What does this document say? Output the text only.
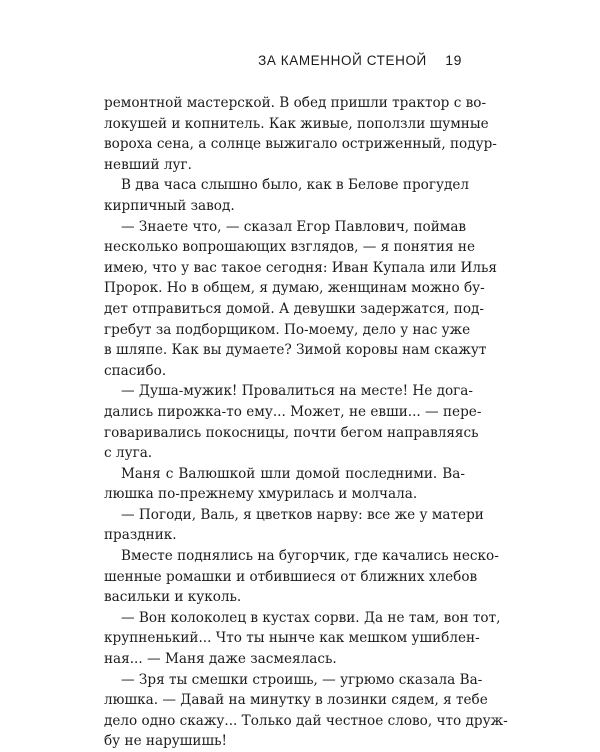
ЗА КАМЕННОЙ СТЕНОЙ 19
ремонтной мастерской. В обед пришли трактор с во-
локушей и копнитель. Как живые, поползли шумные
вороха сена, а солнце выжигало остриженный, подур-
невший луг.
В два часа слышно было, как в Белове прогудел
кирпичный завод.
— Знаете что, — сказал Егор Павлович, поймав
несколько вопрошающих взглядов, — я понятия не
имею, что у вас такое сегодня: Иван Купала или Илья
Пророк. Но в общем, я думаю, женщинам можно бу-
дет отправиться домой. А девушки задержатся, под-
гребут за подборщиком. По-моему, дело у нас уже
в шляпе. Как вы думаете? Зимой коровы нам скажут
спасибо.
— Душа-мужик! Провалиться на месте! Не дога-
дались пирожка-то ему... Может, не евши... — пере-
говаривались покосницы, почти бегом направляясь
с луга.
Маня с Валюшкой шли домой последними. Ва-
люшка по-прежнему хмурилась и молчала.
— Погоди, Валь, я цветков нарву: все же у матери
праздник.
Вместе поднялись на бугорчик, где качались нескo-
шенные ромашки и отбившиеся от ближних хлебов
васильки и куколь.
— Вон колоколец в кустах сорви. Да не там, вон тот,
крупненький... Что ты нынче как мешком ушиблен-
ная... — Маня даже засмеялась.
— Зря ты смешки строишь, — угрюмо сказала Ва-
люшка. — Давай на минутку в лозинки сядем, я тебе
дело одно скажу... Только дай честное слово, что друж-
бу не нарушишь!
